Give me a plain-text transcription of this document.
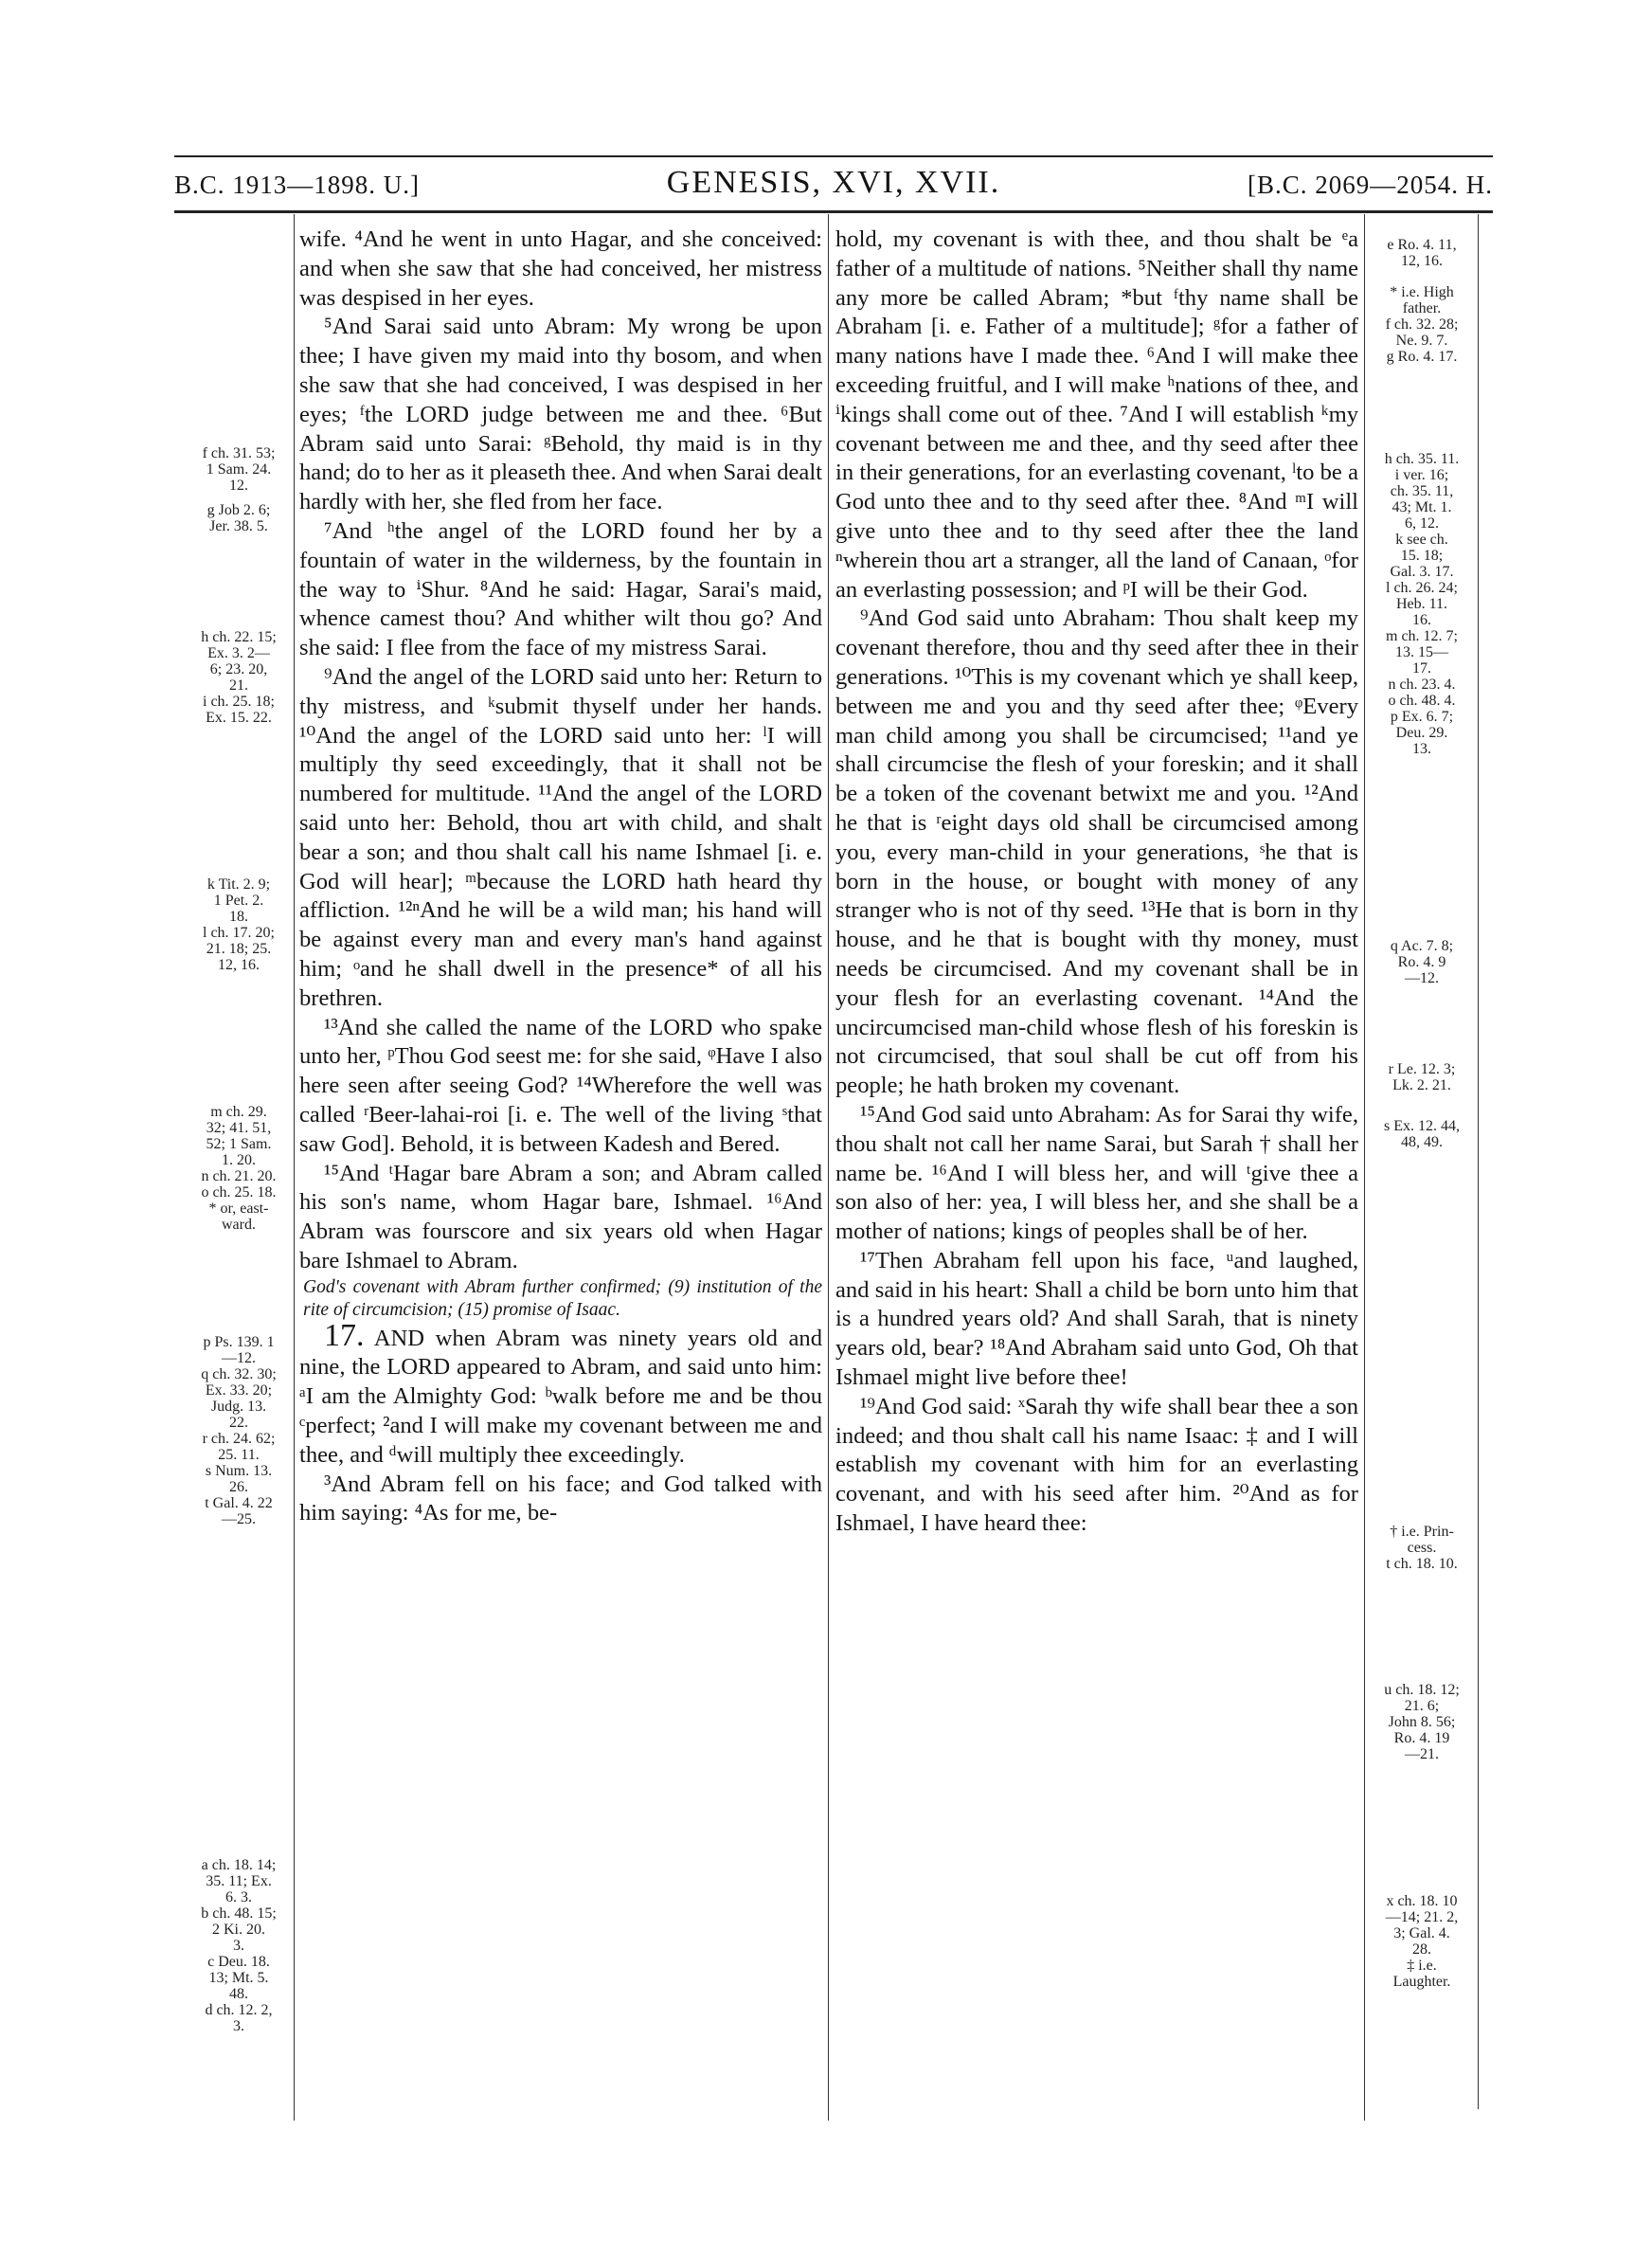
B.C. 1913—1898. U.]	GENESIS, XVI, XVII.	[B.C. 2069—2054. H.

f ch. 31. 53;
1 Sam. 24.
12.

g Job 2. 6;
Jer. 38. 5.

h ch. 22. 15;
Ex. 3. 2—
6; 23. 20,
21.
i ch. 25. 18;
Ex. 15. 22.

k Tit. 2. 9;
1 Pet. 2.
18.
l ch. 17. 20;
21. 18; 25.
12, 16.

m ch. 29.
32; 41. 51,
52; 1 Sam.
1. 20.
n ch. 21. 20.
o ch. 25. 18.
* or, east-
ward.

p Ps. 139. 1
—12.
q ch. 32. 30;
Ex. 33. 20;
Judg. 13.
22.
r ch. 24. 62;
25. 11.
s Num. 13.
26.
t Gal. 4. 22
—25.

a ch. 18. 14;
35. 11; Ex.
6. 3.
b ch. 48. 15;
2 Ki. 20.
3.
c Deu. 18.
13; Mt. 5.
48.
d ch. 12. 2,
3.

e Ro. 4. 11,
12, 16.

* i.e. High
father.
f ch. 32. 28;
Ne. 9. 7.
g Ro. 4. 17.

h ch. 35. 11.
i ver. 16;
ch. 35. 11,
43; Mt. 1.
6, 12.
k see ch.
15. 18;
Gal. 3. 17.
l ch. 26. 24;
Heb. 11.
16.
m ch. 12. 7;
13. 15—
17.
n ch. 23. 4.
o ch. 48. 4.
p Ex. 6. 7;
Deu. 29.
13.

q Ac. 7. 8;
Ro. 4. 9
—12.

r Le. 12. 3;
Lk. 2. 21.

s Ex. 12. 44,
48, 49.

† i.e. Prin-
cess.
t ch. 18. 10.

u ch. 18. 12;
21. 6;
John 8. 56;
Ro. 4. 19
—21.

x ch. 18. 10
—14; 21. 2,
3; Gal. 4.
28.
‡ i.e.
Laughter.

wife. ⁴And he went in unto Hagar, and she conceived: and when she saw that she had conceived, her mistress was despised in her eyes.

⁵And Sarai said unto Abram: My wrong be upon thee; I have given my maid into thy bosom, and when she saw that she had conceived, I was despised in her eyes; ᶠthe LORD judge between me and thee. ⁶But Abram said unto Sarai: ᵍBehold, thy maid is in thy hand; do to her as it pleaseth thee. And when Sarai dealt hardly with her, she fled from her face.

⁷And ʰthe angel of the LORD found her by a fountain of water in the wilderness, by the fountain in the way to ⁱShur. ⁸And he said: Hagar, Sarai's maid, whence camest thou? And whither wilt thou go? And she said: I flee from the face of my mistress Sarai.

⁹And the angel of the LORD said unto her: Return to thy mistress, and ᵏsubmit thyself under her hands. ¹⁰And the angel of the LORD said unto her: ˡI will multiply thy seed exceedingly, that it shall not be numbered for multitude. ¹¹And the angel of the LORD said unto her: Behold, thou art with child, and shalt bear a son; and thou shalt call his name Ishmael [i. e. God will hear]; ᵐbecause the LORD hath heard thy affliction. ¹²ⁿAnd he will be a wild man; his hand will be against every man and every man's hand against him; ᵒand he shall dwell in the presence* of all his brethren.

¹³And she called the name of the LORD who spake unto her, ᵖThou God seest me: for she said, ᵠHave I also here seen after seeing God? ¹⁴Wherefore the well was called ʳBeer-lahai-roi [i. e. The well of the living ˢthat saw God]. Behold, it is between Kadesh and Bered.

¹⁵And ᵗHagar bare Abram a son; and Abram called his son's name, whom Hagar bare, Ishmael. ¹⁶And Abram was fourscore and six years old when Hagar bare Ishmael to Abram.

God's covenant with Abram further confirmed; (9) institution of the rite of circumcision; (15) promise of Isaac.

17. AND when Abram was ninety years old and nine, the LORD appeared to Abram, and said unto him: ᵃI am the Almighty God: ᵇwalk before me and be thou ᶜperfect; ²and I will make my covenant between me and thee, and ᵈwill multiply thee exceedingly.

³And Abram fell on his face; and God talked with him saying: ⁴As for me, be-

hold, my covenant is with thee, and thou shalt be ᵉa father of a multitude of nations. ⁵Neither shall thy name any more be called Abram; *but ᶠthy name shall be Abraham [i. e. Father of a multitude]; ᵍfor a father of many nations have I made thee. ⁶And I will make thee exceeding fruitful, and I will make ʰnations of thee, and ⁱkings shall come out of thee. ⁷And I will establish ᵏmy covenant between me and thee, and thy seed after thee in their generations, for an everlasting covenant, ˡto be a God unto thee and to thy seed after thee. ⁸And ᵐI will give unto thee and to thy seed after thee the land ⁿwherein thou art a stranger, all the land of Canaan, ᵒfor an everlasting possession; and ᵖI will be their God.

⁹And God said unto Abraham: Thou shalt keep my covenant therefore, thou and thy seed after thee in their generations. ¹⁰This is my covenant which ye shall keep, between me and you and thy seed after thee; ᵠEvery man child among you shall be circumcised; ¹¹and ye shall circumcise the flesh of your foreskin; and it shall be a token of the covenant betwixt me and you. ¹²And he that is ʳeight days old shall be circumcised among you, every man-child in your generations, ˢhe that is born in the house, or bought with money of any stranger who is not of thy seed. ¹³He that is born in thy house, and he that is bought with thy money, must needs be circumcised. And my covenant shall be in your flesh for an everlasting covenant. ¹⁴And the uncircumcised man-child whose flesh of his foreskin is not circumcised, that soul shall be cut off from his people; he hath broken my covenant.

¹⁵And God said unto Abraham: As for Sarai thy wife, thou shalt not call her name Sarai, but Sarah † shall her name be. ¹⁶And I will bless her, and will ᵗgive thee a son also of her: yea, I will bless her, and she shall be a mother of nations; kings of peoples shall be of her.

¹⁷Then Abraham fell upon his face, ᵘand laughed, and said in his heart: Shall a child be born unto him that is a hundred years old? And shall Sarah, that is ninety years old, bear? ¹⁸And Abraham said unto God, Oh that Ishmael might live before thee!

¹⁹And God said: ˣSarah thy wife shall bear thee a son indeed; and thou shalt call his name Isaac: ‡ and I will establish my covenant with him for an everlasting covenant, and with his seed after him. ²⁰And as for Ishmael, I have heard thee:
